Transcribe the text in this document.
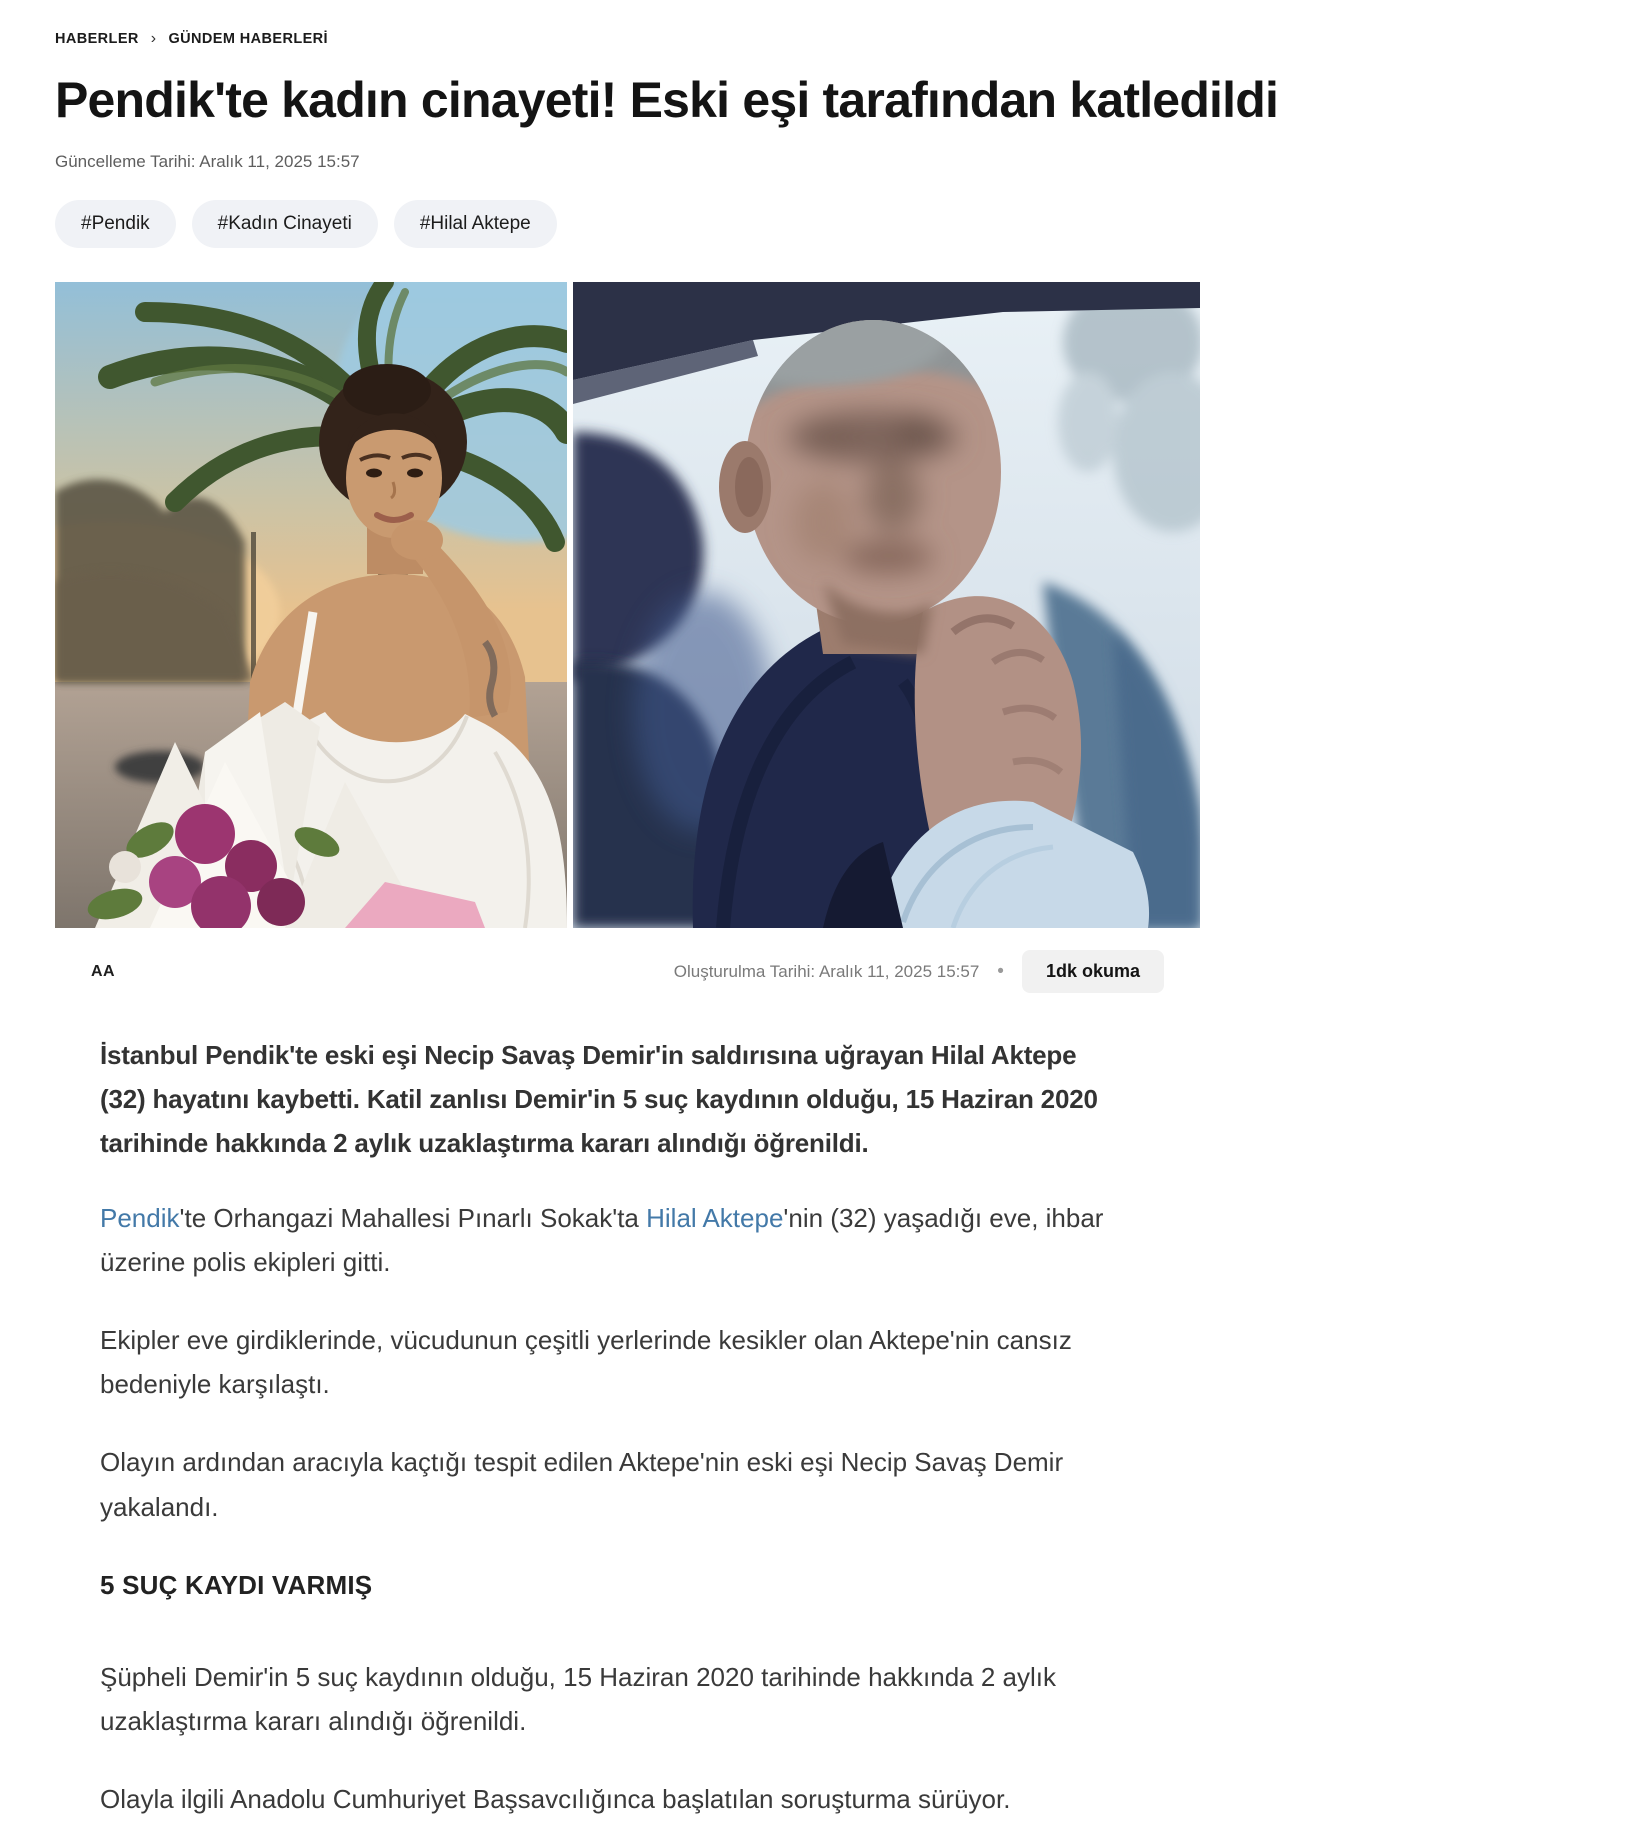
HABERLER › GÜNDEM HABERLERİ
Pendik'te kadın cinayeti! Eski eşi tarafından katledildi
Güncelleme Tarihi: Aralık 11, 2025 15:57
#Pendik	#Kadın Cinayeti	#Hilal Aktepe
AA	Oluşturulma Tarihi: Aralık 11, 2025 15:57 •	1dk okuma

İstanbul Pendik'te eski eşi Necip Savaş Demir'in saldırısına uğrayan Hilal Aktepe (32) hayatını kaybetti. Katil zanlısı Demir'in 5 suç kaydının olduğu, 15 Haziran 2020 tarihinde hakkında 2 aylık uzaklaştırma kararı alındığı öğrenildi.

Pendik'te Orhangazi Mahallesi Pınarlı Sokak'ta Hilal Aktepe'nin (32) yaşadığı eve, ihbar üzerine polis ekipleri gitti.

Ekipler eve girdiklerinde, vücudunun çeşitli yerlerinde kesikler olan Aktepe'nin cansız bedeniyle karşılaştı.

Olayın ardından aracıyla kaçtığı tespit edilen Aktepe'nin eski eşi Necip Savaş Demir yakalandı.

5 SUÇ KAYDI VARMIŞ

Şüpheli Demir'in 5 suç kaydının olduğu, 15 Haziran 2020 tarihinde hakkında 2 aylık uzaklaştırma kararı alındığı öğrenildi.

Olayla ilgili Anadolu Cumhuriyet Başsavcılığınca başlatılan soruşturma sürüyor.
